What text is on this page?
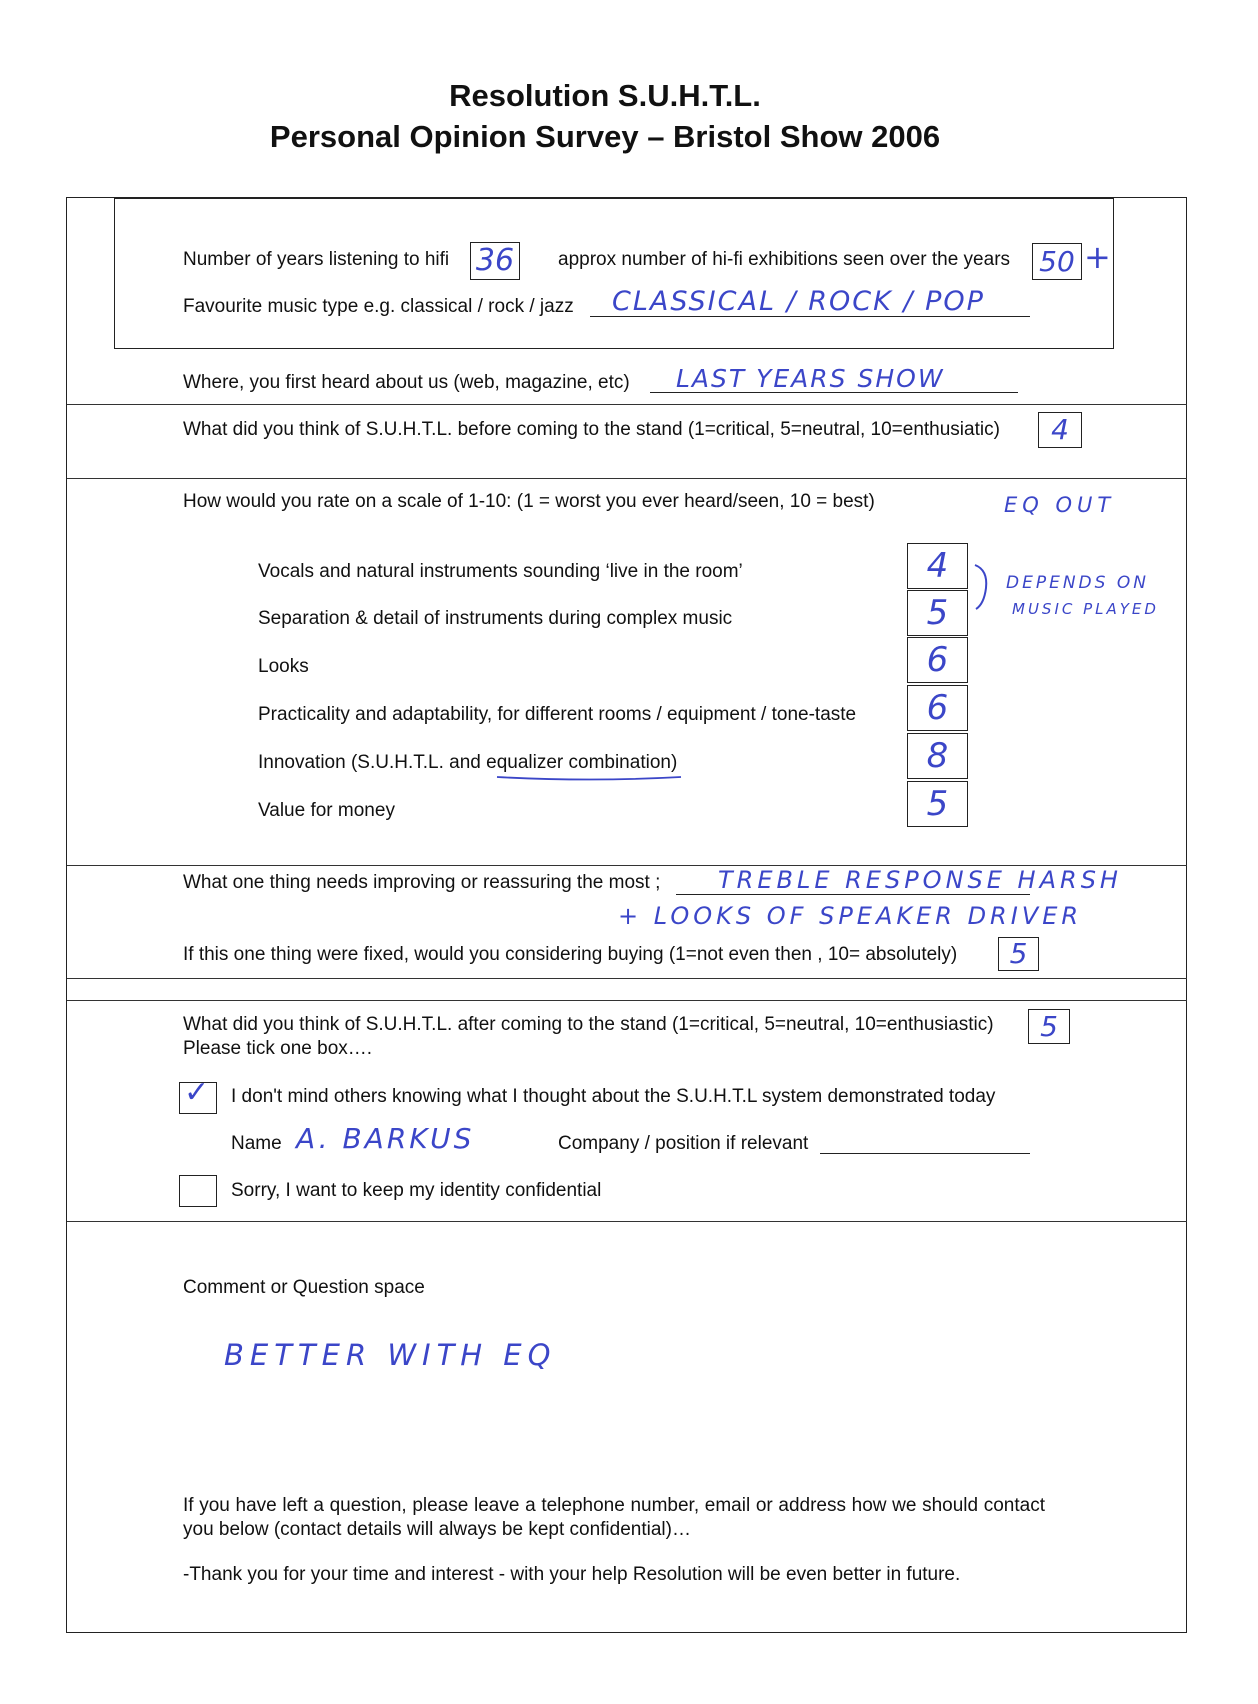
Resolution S.U.H.T.L.
Personal Opinion Survey – Bristol Show 2006
Number of years listening to hifi 36	approx number of hi-fi exhibitions seen over the years 50 +
Favourite music type e.g. classical / rock / jazz CLASSICAL / ROCK / POP
Where, you first heard about us (web, magazine, etc) LAST YEARS SHOW
What did you think of S.U.H.T.L. before coming to the stand (1=critical, 5=neutral, 10=enthusiatic)	4
How would you rate on a scale of 1-10: (1 = worst you ever heard/seen, 10 = best)	EQ OUT
Vocals and natural instruments sounding ‘live in the room’	4
Separation & detail of instruments during complex music	5
Looks	6
Practicality and adaptability, for different rooms / equipment / tone-taste	6
Innovation (S.U.H.T.L. and equalizer combination)	8
Value for money	5
DEPENDS ON
MUSIC PLAYED
What one thing needs improving or reassuring the most ; TREBLE RESPONSE HARSH
+ LOOKS OF SPEAKER DRIVER
If this one thing were fixed, would you considering buying (1=not even then , 10= absolutely)	5
What did you think of S.U.H.T.L. after coming to the stand (1=critical, 5=neutral, 10=enthusiastic)	5
Please tick one box….
✓ I don't mind others knowing what I thought about the S.U.H.T.L system demonstrated today
Name A. BARKUS	Company / position if relevant
Sorry, I want to keep my identity confidential
Comment or Question space
BETTER WITH EQ
If you have left a question, please leave a telephone number, email or address how we should contact you below (contact details will always be kept confidential)…
-Thank you for your time and interest - with your help Resolution will be even better in future.
